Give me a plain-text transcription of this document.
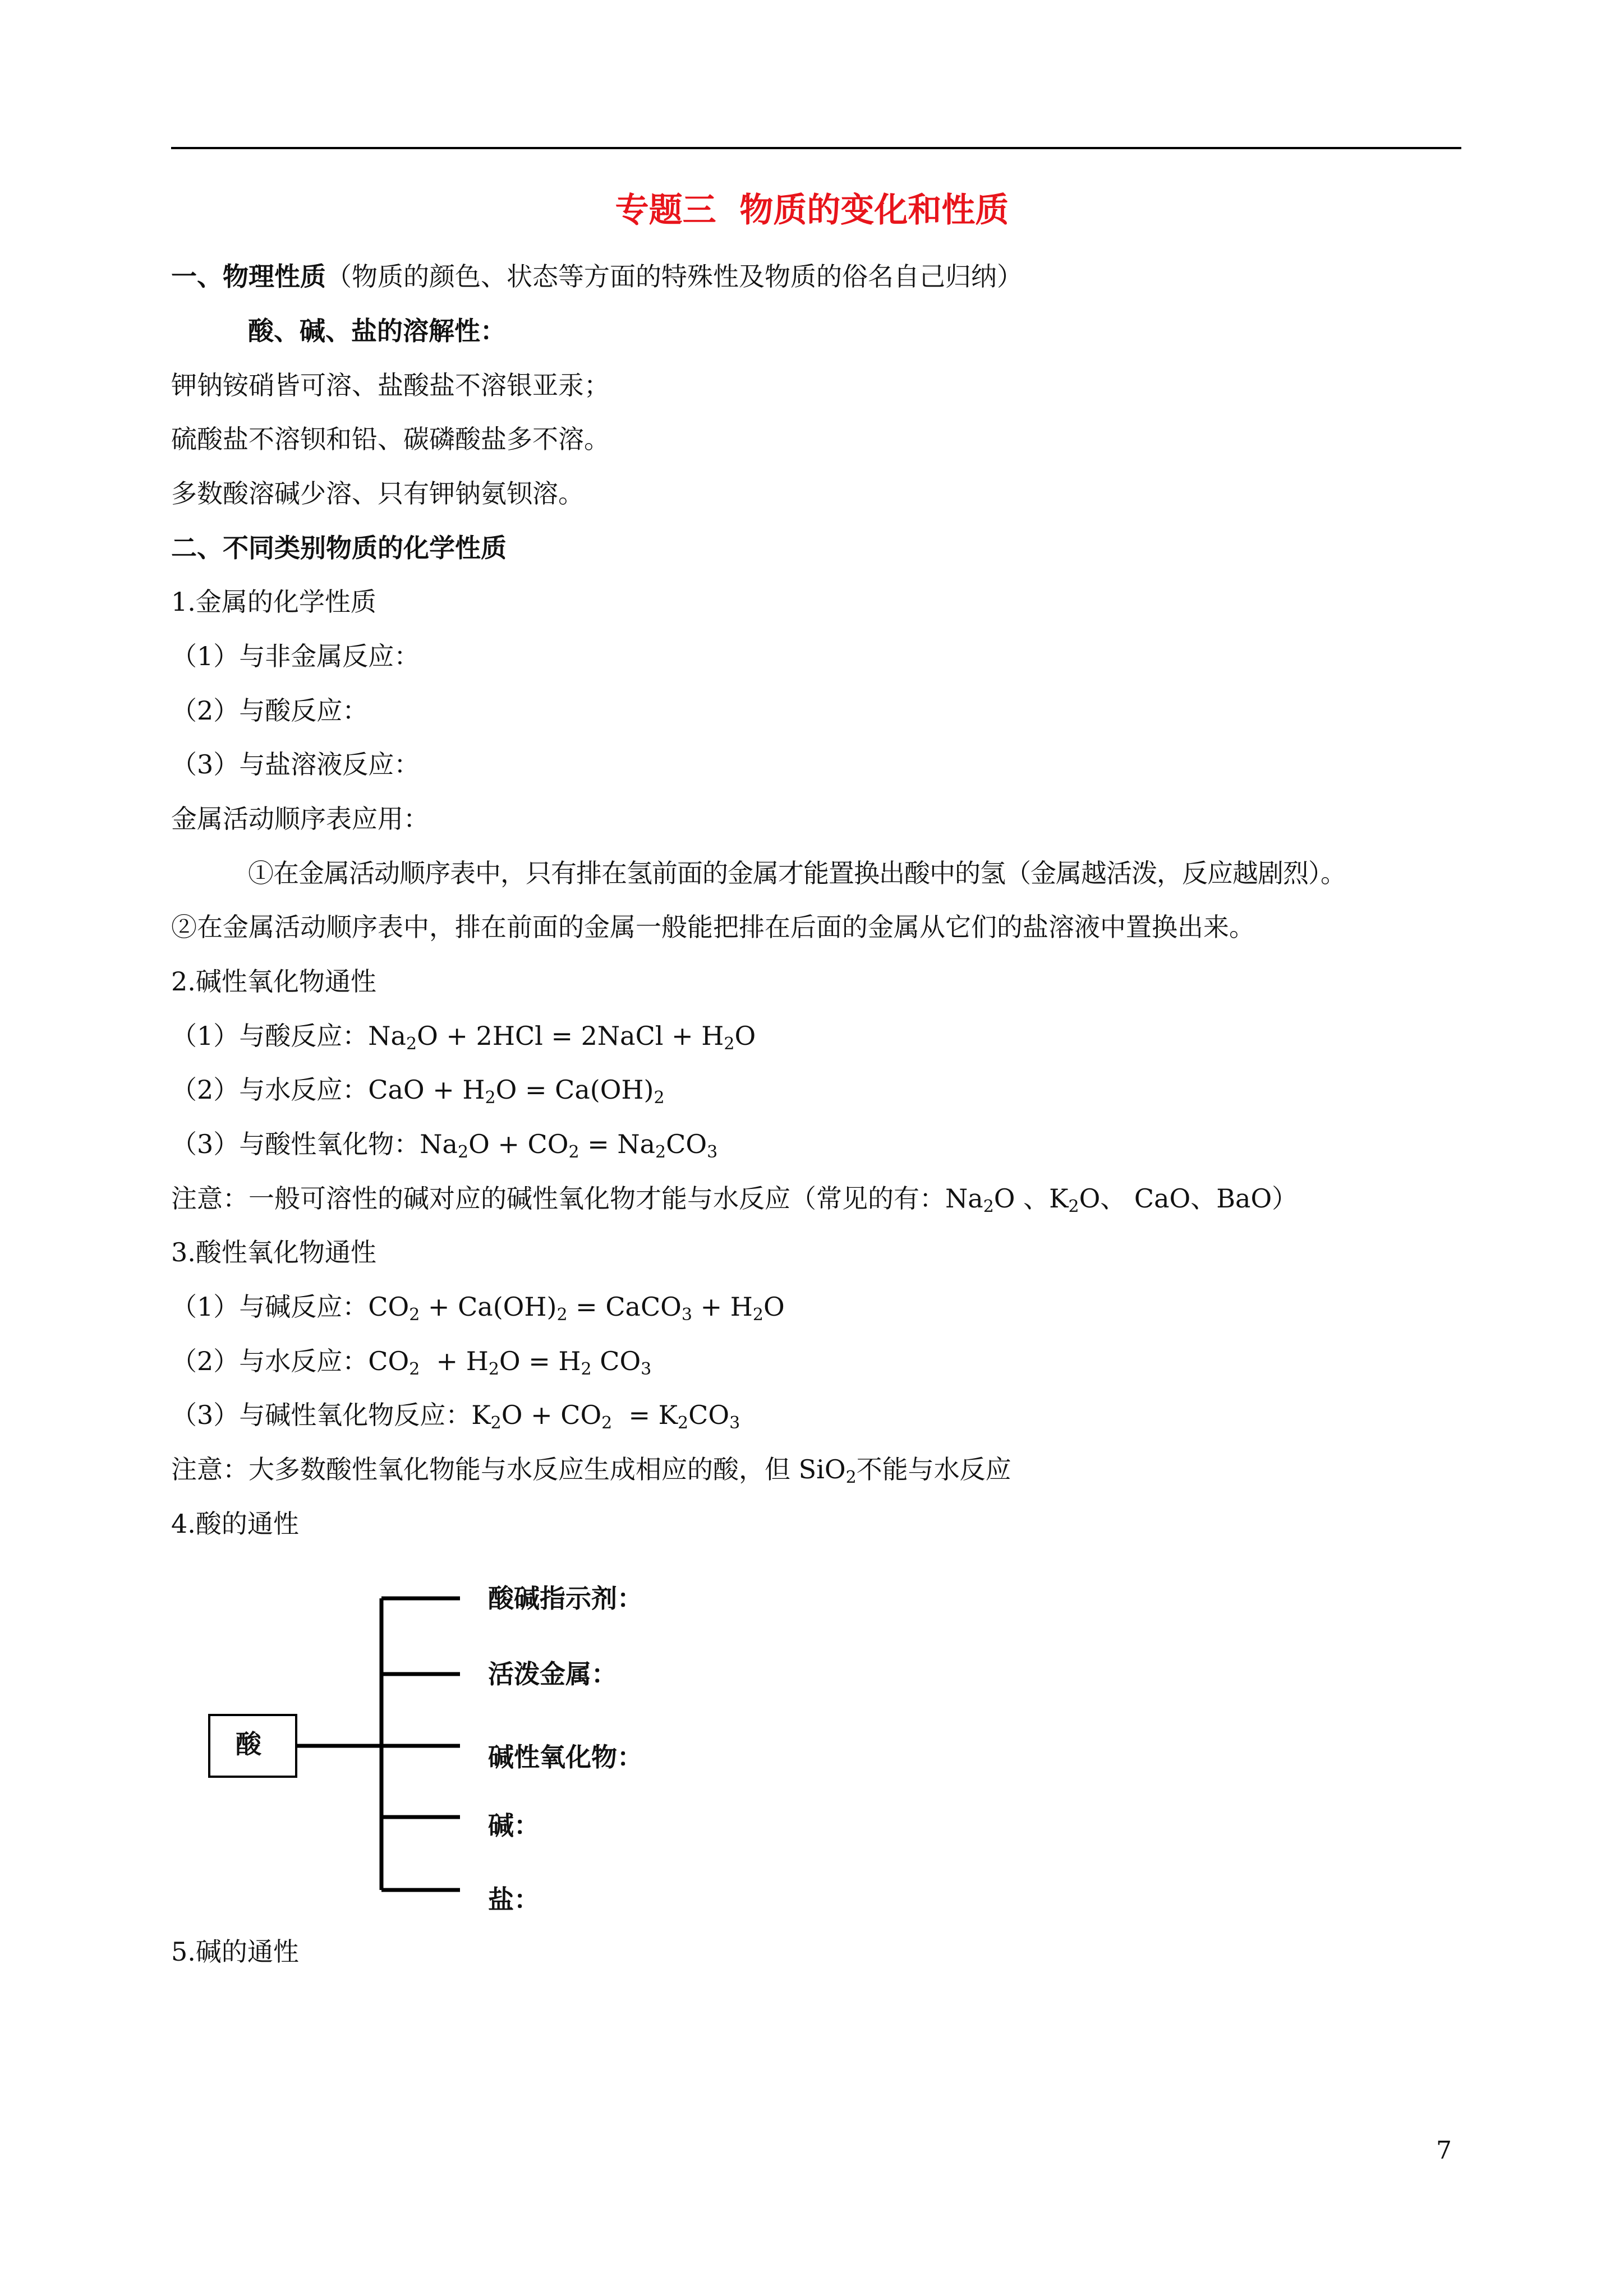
专题三  物质的变化和性质
一、物理性质（物质的颜色、状态等方面的特殊性及物质的俗名自己归纳）
酸、碱、盐的溶解性：
钾钠铵硝皆可溶、盐酸盐不溶银亚汞；
硫酸盐不溶钡和铅、碳磷酸盐多不溶。
多数酸溶碱少溶、只有钾钠氨钡溶。
二、不同类别物质的化学性质
1.金属的化学性质
（1）与非金属反应：
（2）与酸反应：
（3）与盐溶液反应：
金属活动顺序表应用：
①在金属活动顺序表中，只有排在氢前面的金属才能置换出酸中的氢（金属越活泼，反应越剧烈）。
②在金属活动顺序表中，排在前面的金属一般能把排在后面的金属从它们的盐溶液中置换出来。
2.碱性氧化物通性
（1）与酸反应：$Na_2O + 2HCl$ = 2NaCl + $H_2O$
（2）与水反应：CaO + $H_2O = Ca(OH)_2$
（3）与酸性氧化物：$Na_2O + CO_2 = Na_2CO_3$
注意：一般可溶性的碱对应的碱性氧化物才能与水反应（常见的有：$Na_2O$ 、$K_2O$、 CaO、BaO）
3.酸性氧化物通性
（1）与碱反应：$CO_2 + Ca(OH)_2$ = CaCO$_3$ + $H_2O$
（2）与水反应：$CO_2 + H_2O = H_2$ $CO_3$
（3）与碱性氧化物反应：$K_2O + CO_2 = K_2CO_3$
注意：大多数酸性氧化物能与水反应生成相应的酸，但 SiO$_2$不能与水反应
4.酸的通性
酸
酸碱指示剂：
活泼金属：
碱性氧化物：
碱：
盐：
5.碱的通性
7
